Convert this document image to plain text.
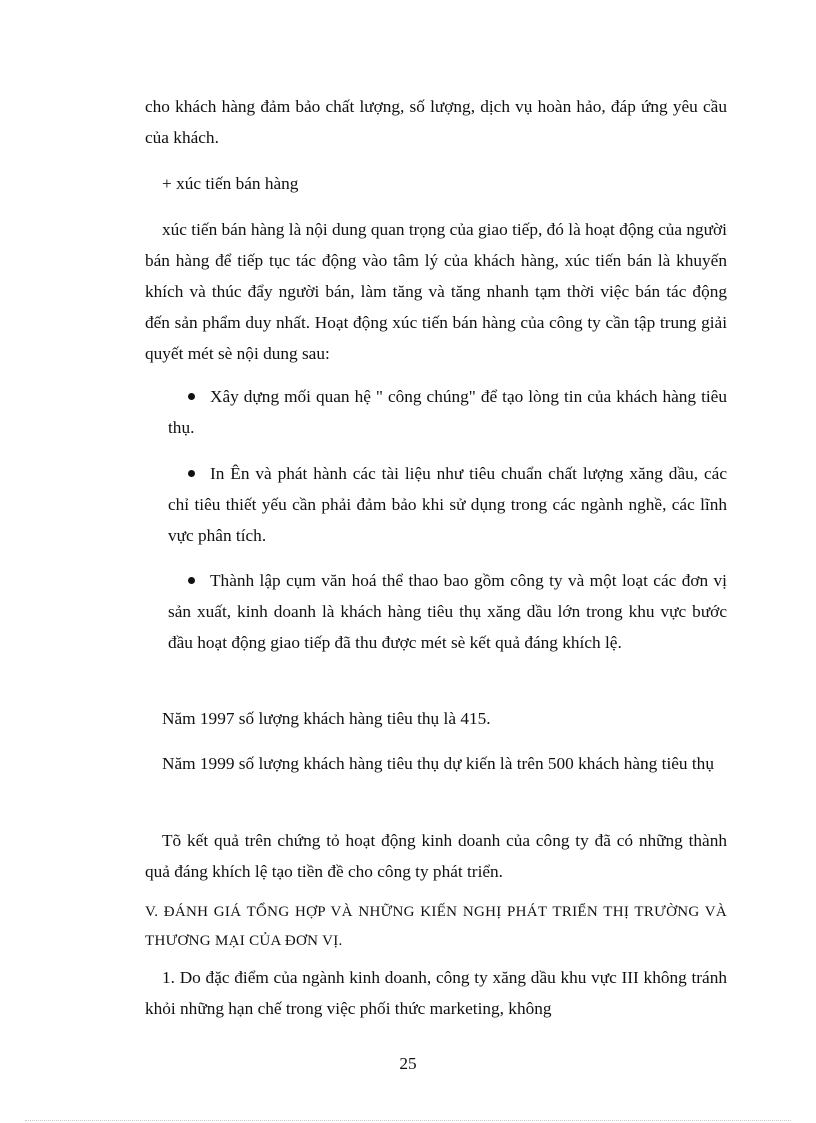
cho khách hàng đảm bảo chất lượng, số lượng, dịch vụ hoàn hảo, đáp ứng yêu cầu của khách.

+ xúc tiến bán hàng

xúc tiến bán hàng là nội dung quan trọng của giao tiếp, đó là hoạt động của người bán hàng để tiếp tục tác động vào tâm lý của khách hàng, xúc tiến bán là khuyến khích và thúc đẩy người bán, làm tăng và tăng nhanh tạm thời việc bán tác động đến sản phẩm duy nhất. Hoạt động xúc tiến bán hàng của công ty cần tập trung giải quyết mét sè nội dung sau:

Xây dựng mối quan hệ " công chúng" để tạo lòng tin của khách hàng tiêu thụ.
In Ên và phát hành các tài liệu như tiêu chuẩn chất lượng xăng dầu, các chỉ tiêu thiết yếu cần phải đảm bảo khi sử dụng trong các ngành nghề, các lĩnh vực phân tích.
Thành lập cụm văn hoá thể thao bao gồm công ty và một loạt các đơn vị sản xuất, kinh doanh là khách hàng tiêu thụ xăng dầu lớn trong khu vực bước đầu hoạt động giao tiếp đã thu được mét sè kết quả đáng khích lệ.

Năm 1997 số lượng khách hàng tiêu thụ là 415.

Năm 1999 số lượng khách hàng tiêu thụ dự kiến là trên 500 khách hàng tiêu thụ

Tõ kết quả trên chứng tỏ hoạt động kinh doanh của công ty đã có những thành quả đáng khích lệ tạo tiền đề cho công ty phát triển.

V. ĐÁNH GIÁ TỔNG HỢP VÀ NHỮNG KIẾN NGHỊ PHÁT TRIỂN THỊ TRƯỜNG VÀ THƯƠNG MẠI CỦA ĐƠN VỊ.

1. Do đặc điểm của ngành kinh doanh, công ty xăng dầu khu vực III không tránh khỏi những hạn chế trong việc phối thức marketing, không

25
